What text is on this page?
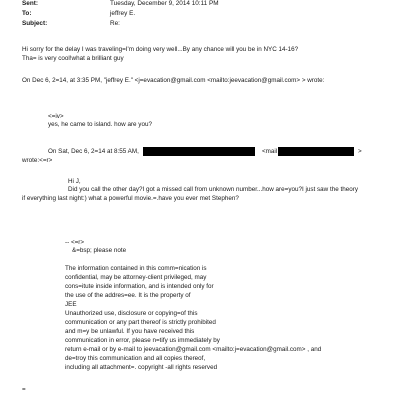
Sent:	Tuesday, December 9, 2014 10:11 PM
To:	jeffrey E.
Subject:	Re:
Hi sorry for the delay I was traveling=I'm doing very well...By any chance will you be in NYC 14-16?
Tha= is very cool!what a brilliant guy
On Dec 6, 2=14, at 3:35 PM, "jeffrey E." <j=evacation@gmail.com <mailto:jeevacation@gmail.com> > wrote:
<=iv>
yes, he came to island. how are you?
On Sat, Dec 6, 2=14 at 8:55 AM,	<mail	>
wrote:<=r>
Hi J,
Did you call the other day?I got a missed call from unknown number...how are=you?I just saw the theory
if everything last night:) what a powerful movie.=.have you ever met Stephen?
-- <=r>
&=bsp; please note
The information contained in this comm=nication is
confidential, may be attorney-client privileged, may
cons=itute inside information, and is intended only for
the use of the addres=ee. It is the property of
JEE
Unauthorized use, disclosure or copying=of this
communication or any part thereof is strictly prohibited
and m=y be unlawful. If you have received this
communication in error, please n=tify us immediately by
return e-mail or by e-mail to jeevacation@gmail.com <mailto:j=evacation@gmail.com> , and
de=troy this communication and all copies thereof,
including all attachment=. copyright -all rights reserved
=
